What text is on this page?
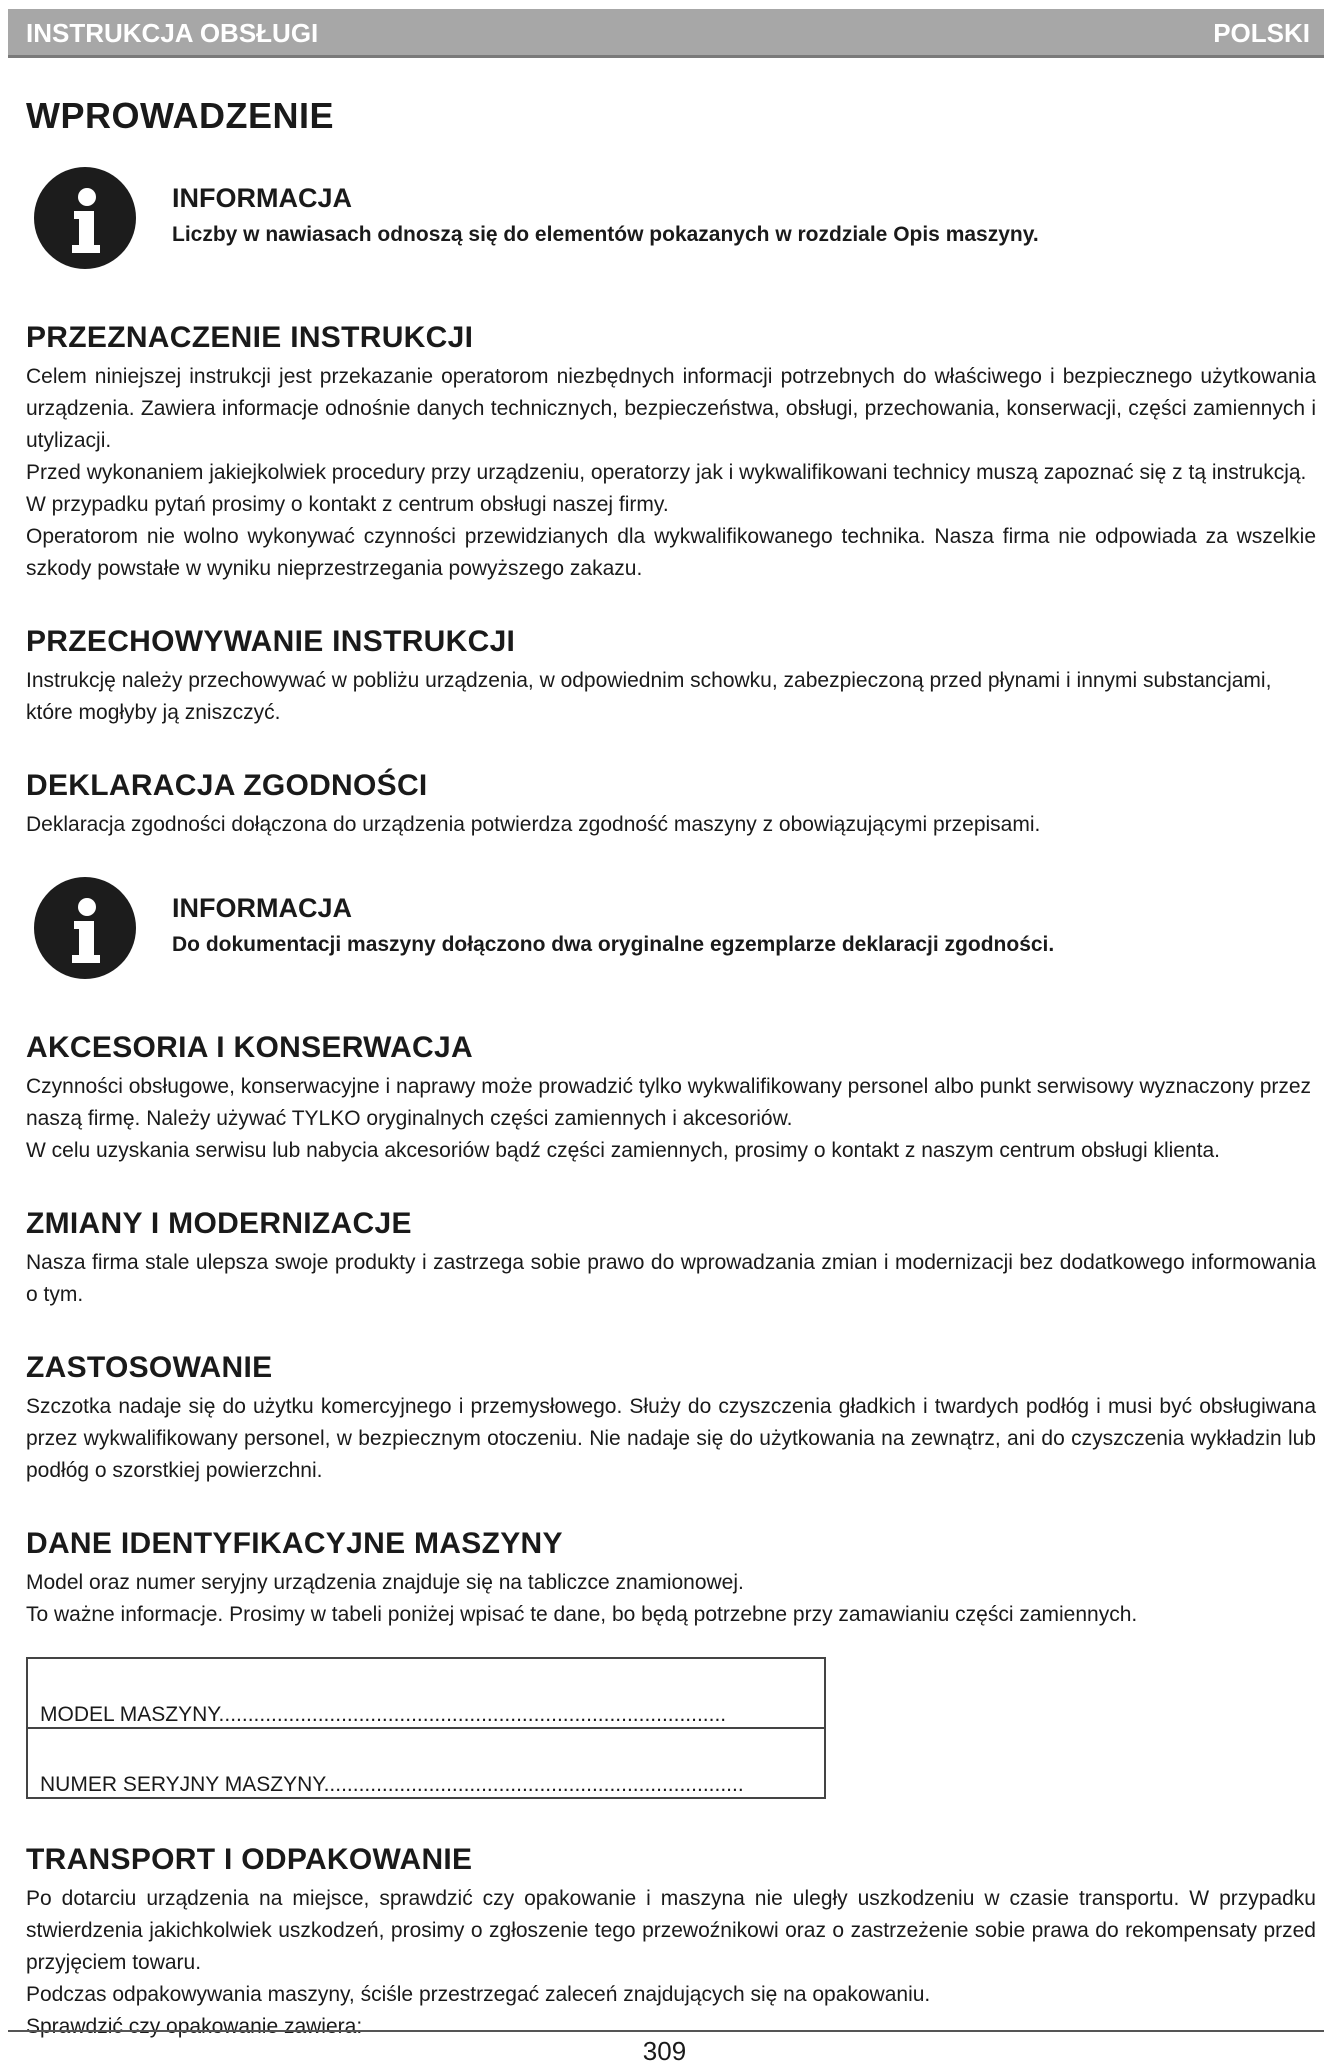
INSTRUKCJA OBSŁUGI	POLSKI
WPROWADZENIE
INFORMACJA
Liczby w nawiasach odnoszą się do elementów pokazanych w rozdziale Opis maszyny.
PRZEZNACZENIE INSTRUKCJI

Celem niniejszej instrukcji jest przekazanie operatorom niezbędnych informacji potrzebnych do właściwego i bezpiecznego użytkowania urządzenia. Zawiera informacje odnośnie danych technicznych, bezpieczeństwa, obsługi, przechowania, konserwacji, części zamiennych i utylizacji.

Przed wykonaniem jakiejkolwiek procedury przy urządzeniu, operatorzy jak i wykwalifikowani technicy muszą zapoznać się z tą instrukcją. W przypadku pytań prosimy o kontakt z centrum obsługi naszej firmy.

Operatorom nie wolno wykonywać czynności przewidzianych dla wykwalifikowanego technika. Nasza firma nie odpowiada za wszelkie szkody powstałe w wyniku nieprzestrzegania powyższego zakazu.

PRZECHOWYWANIE INSTRUKCJI

Instrukcję należy przechowywać w pobliżu urządzenia, w odpowiednim schowku, zabezpieczoną przed płynami i innymi substancjami, które mogłyby ją zniszczyć.

DEKLARACJA ZGODNOŚCI

Deklaracja zgodności dołączona do urządzenia potwierdza zgodność maszyny z obowiązującymi przepisami.

INFORMACJA
Do dokumentacji maszyny dołączono dwa oryginalne egzemplarze deklaracji zgodności.
AKCESORIA I KONSERWACJA

Czynności obsługowe, konserwacyjne i naprawy może prowadzić tylko wykwalifikowany personel albo punkt serwisowy wyznaczony przez naszą firmę. Należy używać TYLKO oryginalnych części zamiennych i akcesoriów.

W celu uzyskania serwisu lub nabycia akcesoriów bądź części zamiennych, prosimy o kontakt z naszym centrum obsługi klienta.

ZMIANY I MODERNIZACJE

Nasza firma stale ulepsza swoje produkty i zastrzega sobie prawo do wprowadzania zmian i modernizacji bez dodatkowego informowania o tym.

ZASTOSOWANIE

Szczotka nadaje się do użytku komercyjnego i przemysłowego. Służy do czyszczenia gładkich i twardych podłóg i musi być obsługiwana przez wykwalifikowany personel, w bezpiecznym otoczeniu. Nie nadaje się do użytkowania na zewnątrz, ani do czyszczenia wykładzin lub podłóg o szorstkiej powierzchni.

DANE IDENTYFIKACYJNE MASZYNY

Model oraz numer seryjny urządzenia znajduje się na tabliczce znamionowej.

To ważne informacje. Prosimy w tabeli poniżej wpisać te dane, bo będą potrzebne przy zamawianiu części zamiennych.

MODEL MASZYNY.......................................................................................
NUMER SERYJNY MASZYNY........................................................................
TRANSPORT I ODPAKOWANIE

Po dotarciu urządzenia na miejsce, sprawdzić czy opakowanie i maszyna nie uległy uszkodzeniu w czasie transportu. W przypadku stwierdzenia jakichkolwiek uszkodzeń, prosimy o zgłoszenie tego przewoźnikowi oraz o zastrzeżenie sobie prawa do rekompensaty przed przyjęciem towaru.

Podczas odpakowywania maszyny, ściśle przestrzegać zaleceń znajdujących się na opakowaniu.

Sprawdzić czy opakowanie zawiera:

309
